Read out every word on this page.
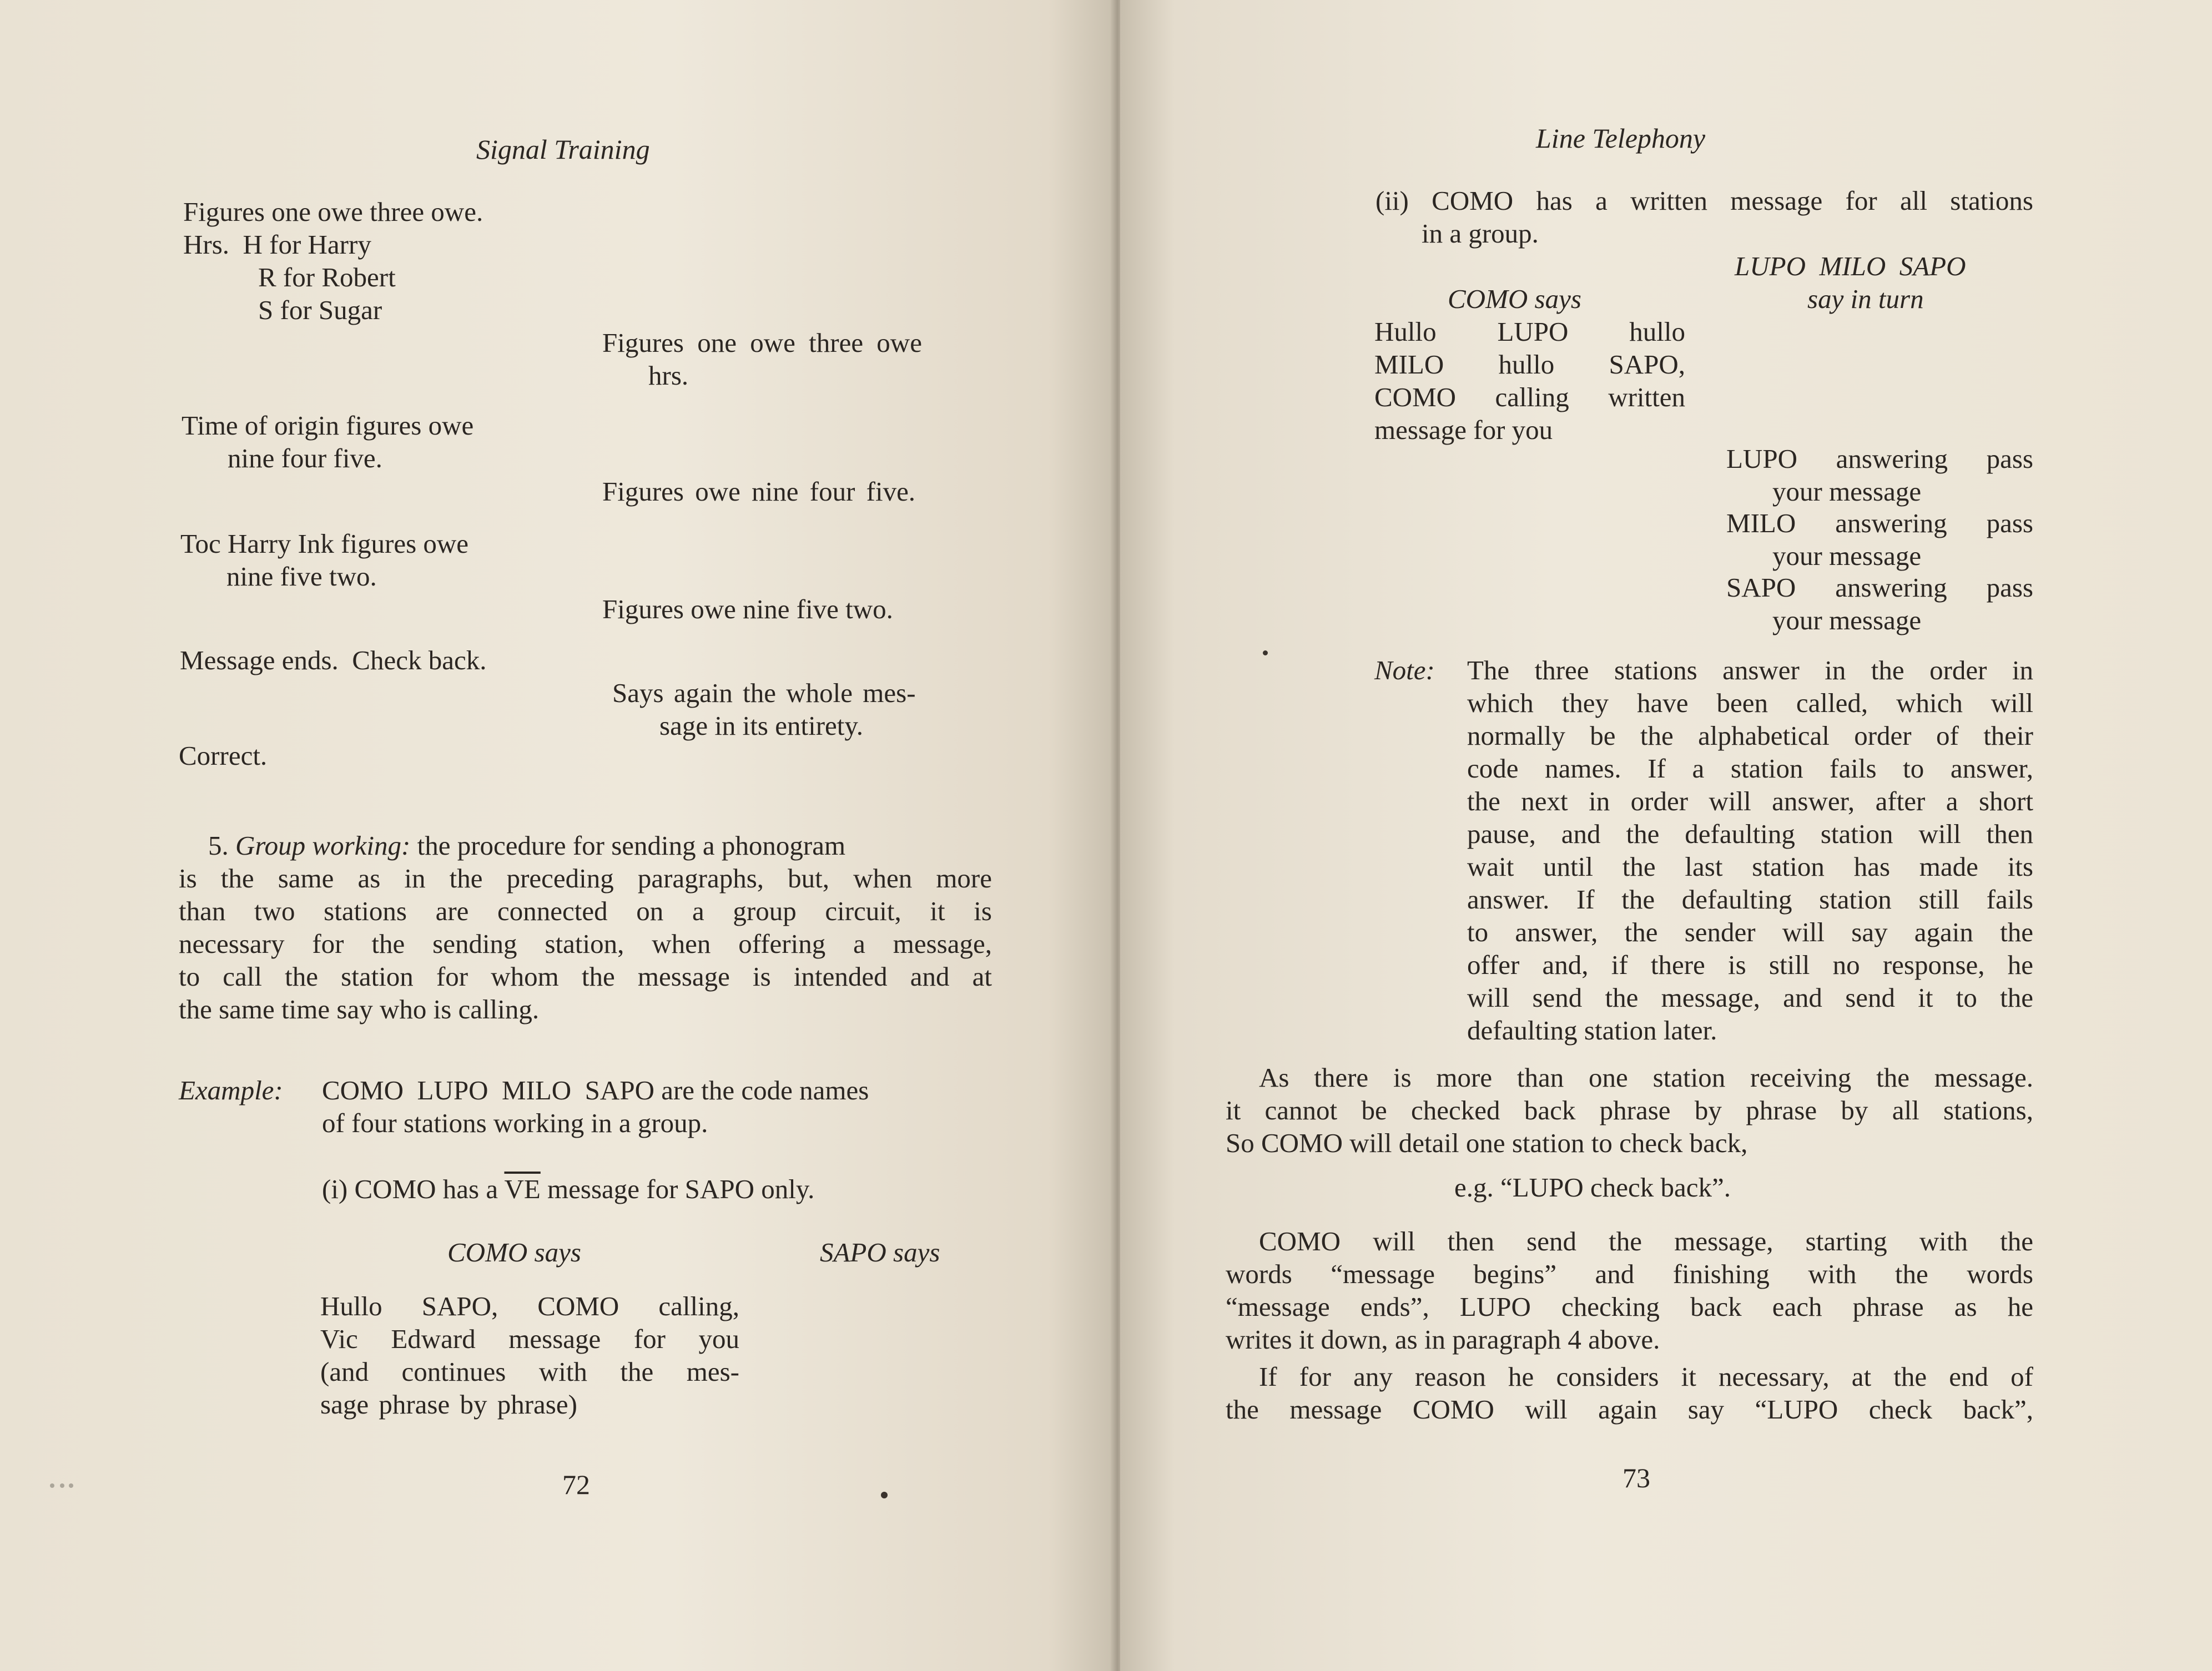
Signal Training
Figures one owe three owe.
Hrs.  H for Harry
R for Robert
S for Sugar
Figures one owe three owe
hrs.
Time of origin figures owe
nine four five.
Figures owe nine four five.
Toc Harry Ink figures owe
nine five two.
Figures owe nine five two.
Message ends.  Check back.
Says again the whole mes-
sage in its entirety.
Correct.
5. Group working: the procedure for sending a phonogram
is the same as in the preceding paragraphs, but, when more
than two stations are connected on a group circuit, it is
necessary for the sending station, when offering a message,
to call the station for whom the message is intended and at
the same time say who is calling.
Example: COMO  LUPO  MILO  SAPO are the code names
of four stations working in a group.
(i) COMO has a $\overline{VE}$ message for SAPO only.
COMO says	SAPO says
Hullo SAPO, COMO calling,
Vic Edward message for you
(and continues with the mes-
sage phrase by phrase)
72
Line Telephony
(ii) COMO has a written message for all stations
in a group.
LUPO  MILO  SAPO
COMO says	say in turn
Hullo LUPO hullo
MILO hullo SAPO,
COMO calling written
message for you
LUPO answering pass
your message
MILO answering pass
your message
SAPO answering pass
your message
Note: The three stations answer in the order in
which they have been called, which will
normally be the alphabetical order of their
code names. If a station fails to answer,
the next in order will answer, after a short
pause, and the defaulting station will then
wait until the last station has made its
answer. If the defaulting station still fails
to answer, the sender will say again the
offer and, if there is still no response, he
will send the message, and send it to the
defaulting station later.
As there is more than one station receiving the message.
it cannot be checked back phrase by phrase by all stations,
So COMO will detail one station to check back,
e.g. “LUPO check back”.
COMO will then send the message, starting with the
words “message begins” and finishing with the words
“message ends”, LUPO checking back each phrase as he
writes it down, as in paragraph 4 above.
If for any reason he considers it necessary, at the end of
the message COMO will again say “LUPO check back”,
73
